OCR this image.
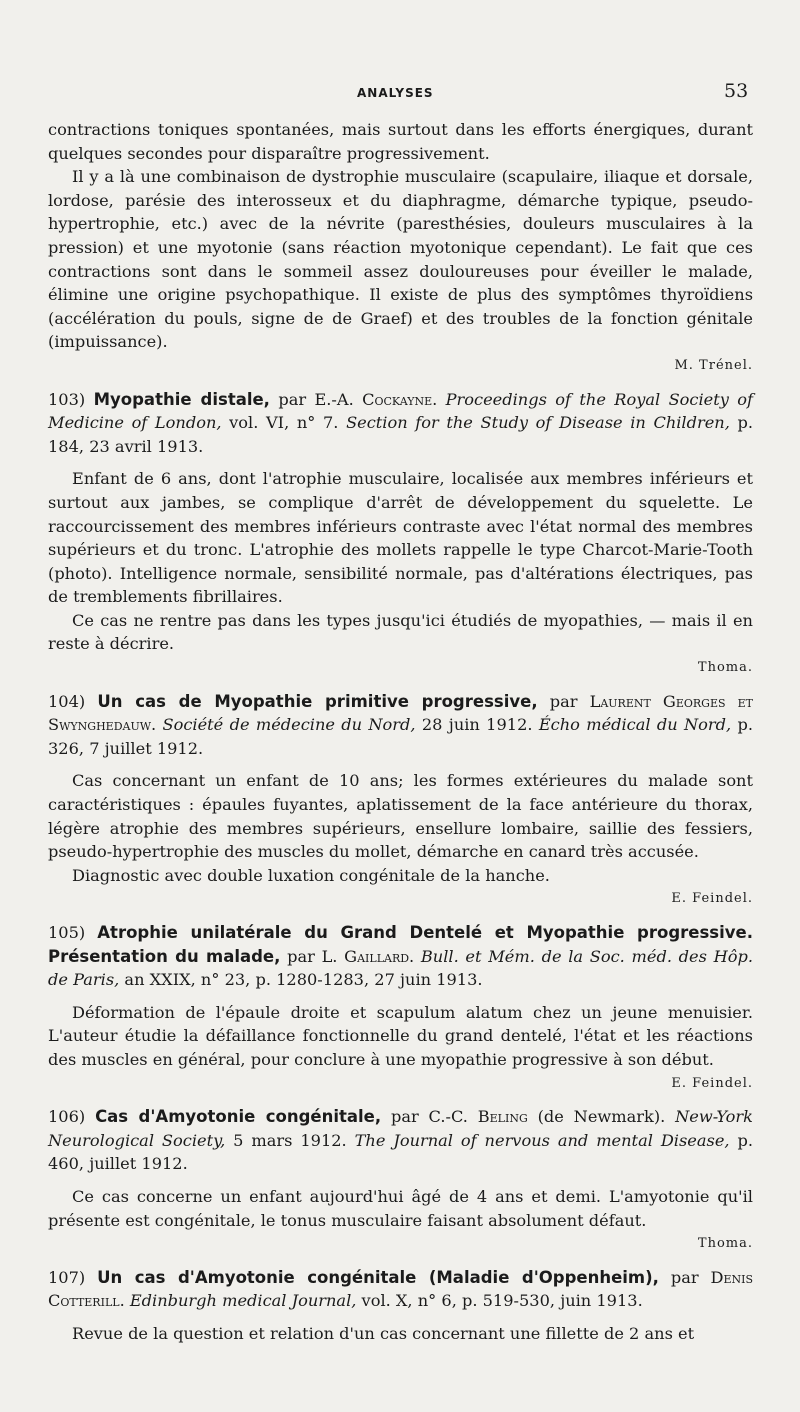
ANALYSES	53

contractions toniques spontanées, mais surtout dans les efforts énergiques, durant quelques secondes pour disparaître progressivement.

Il y a là une combinaison de dystrophie musculaire (scapulaire, iliaque et dorsale, lordose, parésie des interosseux et du diaphragme, démarche typique, pseudo-hypertrophie, etc.) avec de la névrite (paresthésies, douleurs musculaires à la pression) et une myotonie (sans réaction myotonique cependant). Le fait que ces contractions sont dans le sommeil assez douloureuses pour éveiller le malade, élimine une origine psychopathique. Il existe de plus des symptômes thyroïdiens (accélération du pouls, signe de de Graef) et des troubles de la fonction génitale (impuissance).

M. Trénel.

103) Myopathie distale, par E.-A. Cockayne. Proceedings of the Royal Society of Medicine of London, vol. VI, n° 7. Section for the Study of Disease in Children, p. 184, 23 avril 1913.

Enfant de 6 ans, dont l'atrophie musculaire, localisée aux membres inférieurs et surtout aux jambes, se complique d'arrêt de développement du squelette. Le raccourcissement des membres inférieurs contraste avec l'état normal des membres supérieurs et du tronc. L'atrophie des mollets rappelle le type Charcot-Marie-Tooth (photo). Intelligence normale, sensibilité normale, pas d'altérations électriques, pas de tremblements fibrillaires.

Ce cas ne rentre pas dans les types jusqu'ici étudiés de myopathies, — mais il en reste à décrire.

Thoma.

104) Un cas de Myopathie primitive progressive, par Laurent Georges et Swynghedauw. Société de médecine du Nord, 28 juin 1912. Écho médical du Nord, p. 326, 7 juillet 1912.

Cas concernant un enfant de 10 ans; les formes extérieures du malade sont caractéristiques : épaules fuyantes, aplatissement de la face antérieure du thorax, légère atrophie des membres supérieurs, ensellure lombaire, saillie des fessiers, pseudo-hypertrophie des muscles du mollet, démarche en canard très accusée.

Diagnostic avec double luxation congénitale de la hanche.

E. Feindel.

105) Atrophie unilatérale du Grand Dentelé et Myopathie progressive. Présentation du malade, par L. Gaillard. Bull. et Mém. de la Soc. méd. des Hôp. de Paris, an XXIX, n° 23, p. 1280-1283, 27 juin 1913.

Déformation de l'épaule droite et scapulum alatum chez un jeune menuisier. L'auteur étudie la défaillance fonctionnelle du grand dentelé, l'état et les réactions des muscles en général, pour conclure à une myopathie progressive à son début.

E. Feindel.

106) Cas d'Amyotonie congénitale, par C.-C. Beling (de Newmark). New-York Neurological Society, 5 mars 1912. The Journal of nervous and mental Disease, p. 460, juillet 1912.

Ce cas concerne un enfant aujourd'hui âgé de 4 ans et demi. L'amyotonie qu'il présente est congénitale, le tonus musculaire faisant absolument défaut.

Thoma.

107) Un cas d'Amyotonie congénitale (Maladie d'Oppenheim), par Denis Cotterill. Edinburgh medical Journal, vol. X, n° 6, p. 519-530, juin 1913.

Revue de la question et relation d'un cas concernant une fillette de 2 ans et
